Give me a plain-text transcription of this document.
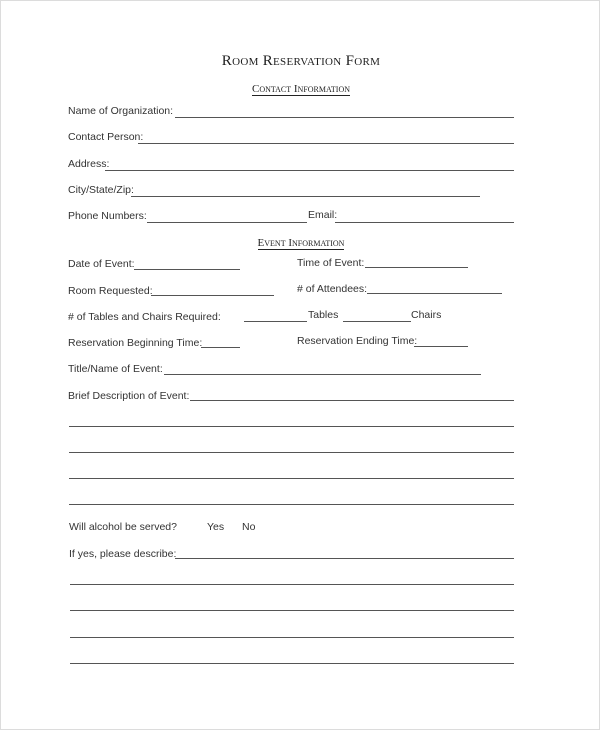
Room Reservation Form
Contact Information
Name of Organization:
Contact Person:
Address:
City/State/Zip:
Phone Numbers:	Email:
Event Information
Date of Event:	Time of Event:
Room Requested:	# of Attendees:
# of Tables and Chairs Required:	Tables	Chairs
Reservation Beginning Time:	Reservation Ending Time:
Title/Name of Event:
Brief Description of Event:
Will alcohol be served?	Yes No
If yes, please describe:
